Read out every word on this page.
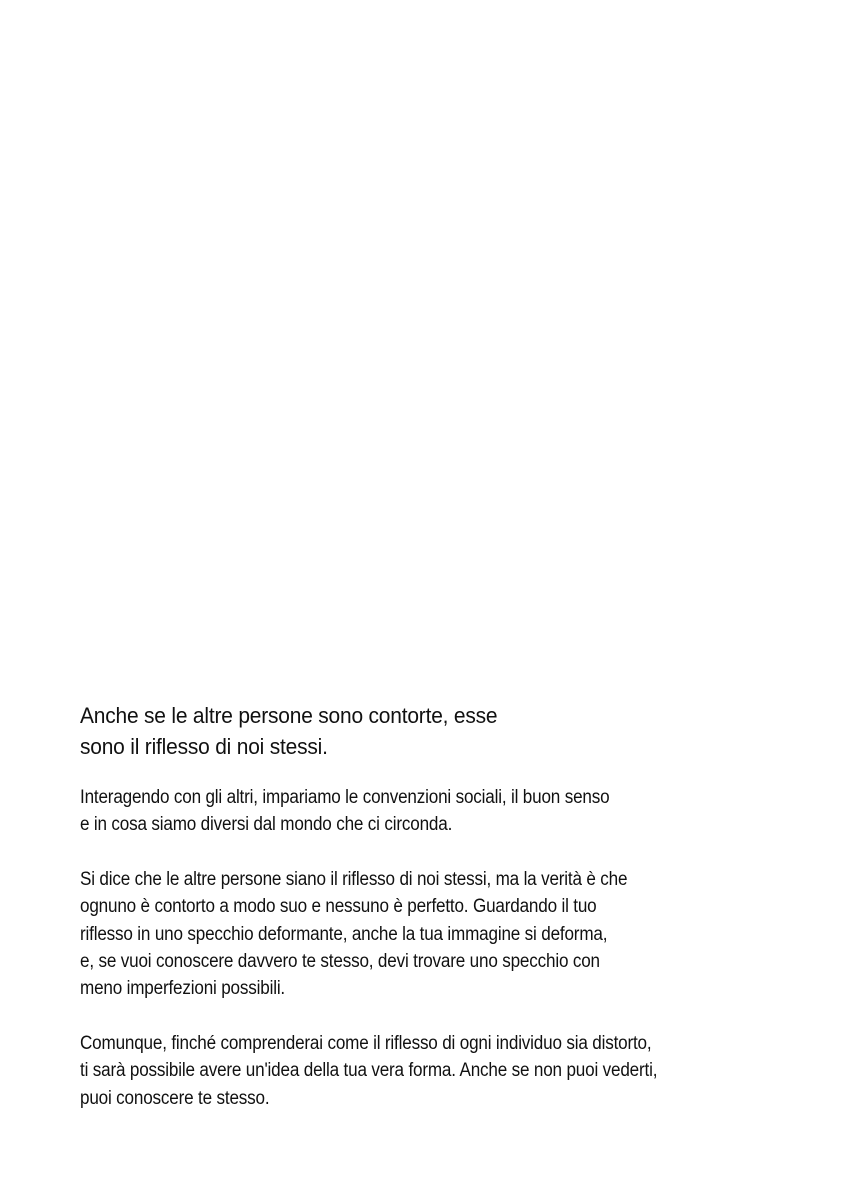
Anche se le altre persone sono contorte, esse
sono il riflesso di noi stessi.

Interagendo con gli altri, impariamo le convenzioni sociali, il buon senso
e in cosa siamo diversi dal mondo che ci circonda.

Si dice che le altre persone siano il riflesso di noi stessi, ma la verità è che
ognuno è contorto a modo suo e nessuno è perfetto. Guardando il tuo
riflesso in uno specchio deformante, anche la tua immagine si deforma,
e, se vuoi conoscere davvero te stesso, devi trovare uno specchio con
meno imperfezioni possibili.

Comunque, finché comprenderai come il riflesso di ogni individuo sia distorto,
ti sarà possibile avere un'idea della tua vera forma. Anche se non puoi vederti,
puoi conoscere te stesso.
